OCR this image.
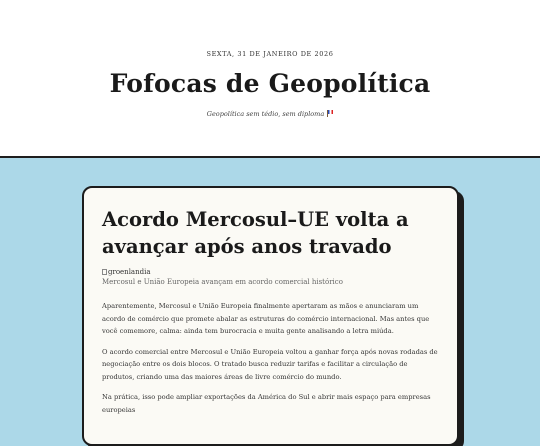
SEXTA, 31 DE JANEIRO DE 2026

Fofocas de Geopolítica

Geopolítica sem tédio, sem diploma

Acordo Mercosul–UE volta a avançar após anos travado
groenlandia

Mercosul e União Europeia avançam em acordo comercial histórico

Aparentemente, Mercosul e União Europeia finalmente apertaram as mãos e anunciaram um acordo de comércio que promete abalar as estruturas do comércio internacional. Mas antes que você comemore, calma: ainda tem burocracia e muita gente analisando a letra miúda.

O acordo comercial entre Mercosul e União Europeia voltou a ganhar força após novas rodadas de negociação entre os dois blocos. O tratado busca reduzir tarifas e facilitar a circulação de produtos, criando uma das maiores áreas de livre comércio do mundo.

Na prática, isso pode ampliar exportações da América do Sul e abrir mais espaço para empresas europeias
